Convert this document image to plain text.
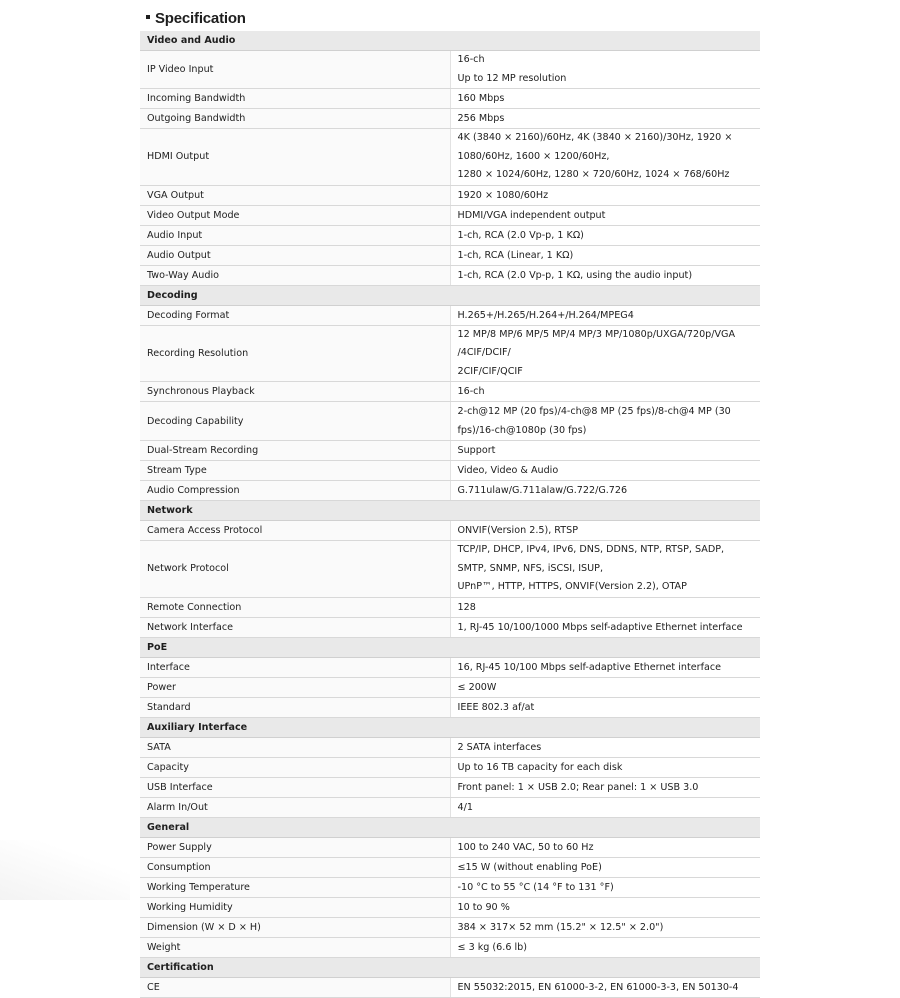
Specification
Video and Audio	
IP Video Input	16-ch
Up to 12 MP resolution

Incoming Bandwidth	160 Mbps

Outgoing Bandwidth	256 Mbps

HDMI Output	4K (3840 × 2160)/60Hz, 4K (3840 × 2160)/30Hz, 1920 × 1080/60Hz, 1600 × 1200/60Hz,
1280 × 1024/60Hz, 1280 × 720/60Hz, 1024 × 768/60Hz

VGA Output	1920 × 1080/60Hz

Video Output Mode	HDMI/VGA independent output

Audio Input	1-ch, RCA (2.0 Vp-p, 1 KΩ)

Audio Output	1-ch, RCA (Linear, 1 KΩ)

Two-Way Audio	1-ch, RCA (2.0 Vp-p, 1 KΩ, using the audio input)

Decoding	
Decoding Format	H.265+/H.265/H.264+/H.264/MPEG4

Recording Resolution	12 MP/8 MP/6 MP/5 MP/4 MP/3 MP/1080p/UXGA/720p/VGA /4CIF/DCIF/
2CIF/CIF/QCIF

Synchronous Playback	16-ch

Decoding Capability	2-ch@12 MP (20 fps)/4-ch@8 MP (25 fps)/8-ch@4 MP (30 fps)/16-ch@1080p (30 fps)

Dual-Stream Recording	Support

Stream Type	Video, Video & Audio

Audio Compression	G.711ulaw/G.711alaw/G.722/G.726

Network	
Camera Access Protocol	ONVIF(Version 2.5), RTSP

Network Protocol	TCP/IP, DHCP, IPv4, IPv6, DNS, DDNS, NTP, RTSP, SADP, SMTP, SNMP, NFS, iSCSI, ISUP,
UPnP™, HTTP, HTTPS, ONVIF(Version 2.2), OTAP

Remote Connection	128

Network Interface	1, RJ-45 10/100/1000 Mbps self-adaptive Ethernet interface

PoE	
Interface	16, RJ-45 10/100 Mbps self-adaptive Ethernet interface

Power	≤ 200W

Standard	IEEE 802.3 af/at

Auxiliary Interface	
SATA	2 SATA interfaces

Capacity	Up to 16 TB capacity for each disk

USB Interface	Front panel: 1 × USB 2.0; Rear panel: 1 × USB 3.0

Alarm In/Out	4/1

General	
Power Supply	100 to 240 VAC, 50 to 60 Hz

Consumption	≤15 W (without enabling PoE)

Working Temperature	-10 °C to 55 °C (14 °F to 131 °F)

Working Humidity	10 to 90 %

Dimension (W × D × H)	384 × 317× 52 mm (15.2" × 12.5" × 2.0")

Weight	≤ 3 kg (6.6 lb)

Certification	
CE	EN 55032:2015, EN 61000-3-2, EN 61000-3-3, EN 50130-4
